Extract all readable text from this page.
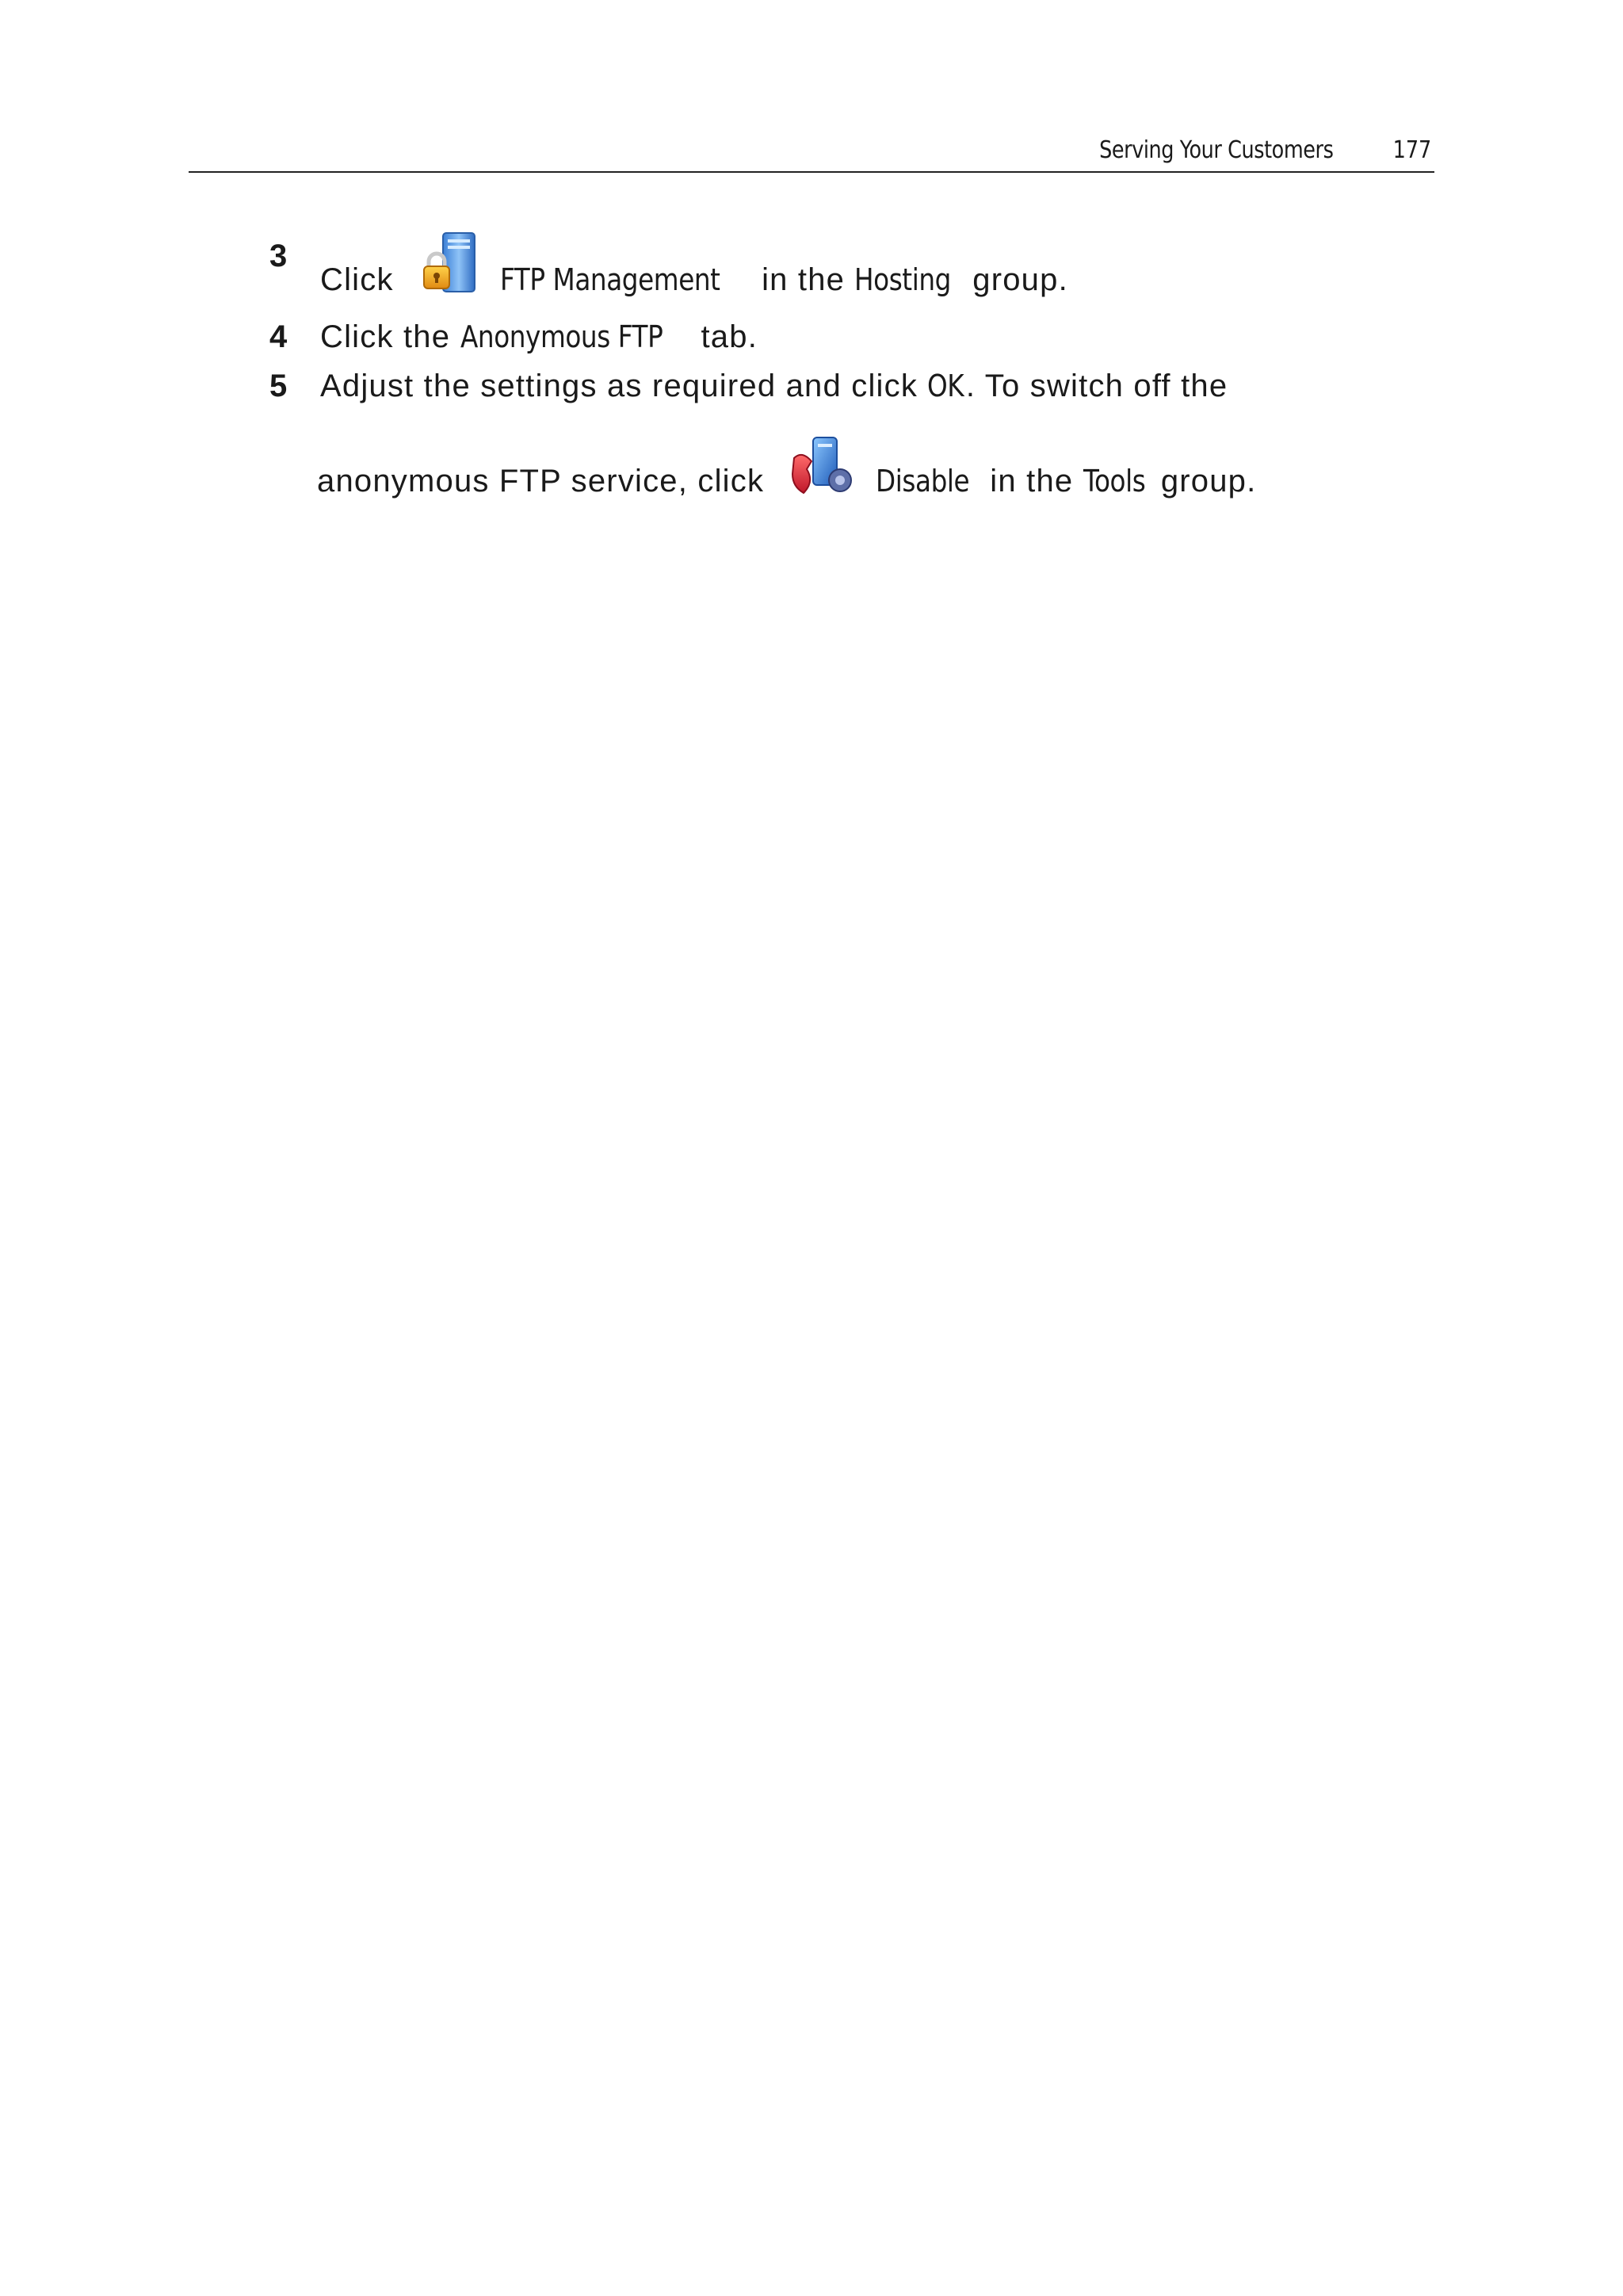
Serving Your Customers	177
3
Click	FTP Management in the Hosting group.
4 Click the Anonymous FTP tab.
5 Adjust the settings as required and click OK. To switch off the
anonymous FTP service, click	Disable in the Tools group.
